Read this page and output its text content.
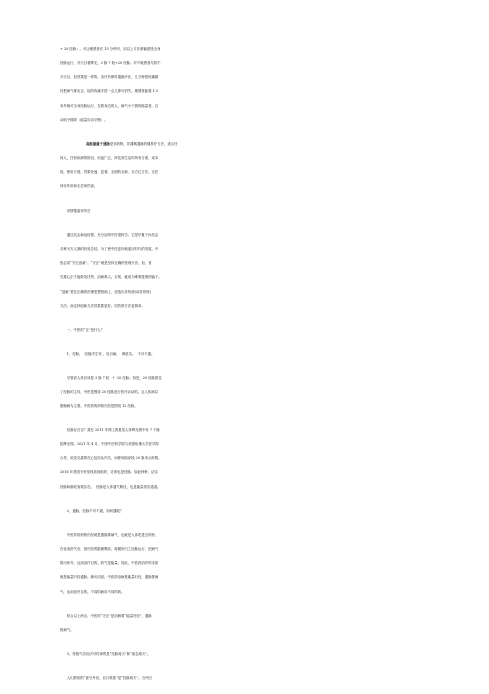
+ 20 经脉）。可让敏感者在 15 分钟内，用以上方法都能感受全身

经脉运行，开天目看辉光、3 脉 7 轮+20 经脉。对不敏感者尽管不

开天目，但效果是一样的。治疗有即时通脉疗法，几分钟把疼痛循

经把病气排出去，轻的疼痛手捂一会儿即可消失。敏感者距我 1.5

米外就可全身经脉运行，在我身边的人，病气小于我的能量者，自

动给予排除（能量自动平衡）。

高能量量子通脉是非药物、非器械通脉的健养疗方法，适合任

何人，任何疾病的防治，用途广泛，涉及到生活的所有方面，成本

低，使用方便，效果快速、显著、全面的全新、全方位方法。无任

何付作用和无任何伤害。

　　详情搜索邓华岳

　　通过抗击新冠疫情，充分证明中医很科学。它是华夏子孙抗击

各种天灾人祸的经验总结。为了使中医更好地适应时代的发展，中

医必须“守正创新”。“守正”就是坚持正确的医理方法。但，首

先要心正才能救死扶伤、治病救人。否则，就成为唯利是图的骗子。

“创新”是在正确的医理思想基础上，创造出非传统(或非常规)

方法。而这种创新方法效果要更好。同效则方法更简单。

　　一、中医的“正”是什么？

　　1，经脉，  经脉决生死 ，处百病，  调虚实。  不可不通。

　　尽管说人体应该是 3 脉 7 轮  十  20 经脉。但是，20 经脉抓住

了经脉的主体，中医是围绕 20 经脉进行医疗活动的。且人体病以

脏腑病为主要。中医药的药物归经是围绕 12 经脉。

　　经脉存在否？我在 2011 年网上我看见人体辉光图中有 7 个脉

轮辉光图。2021 年 4 月，中国中医科学院与美国哈佛大学医学院

合作，用荧光素纳在心包经从内关、间使到曲泽段 20 厘米示踪图。

2016 年美国专家发现质间组织，应该也是经脉。如此种种，证实

经脉和脉轮客观存在。  经脉是人体通气路径，也是能量供应通道。

　　2，通脉，经脉不可不通，如何通呢？

　　中医药的药物归经就是通脉排病气，也就是人体吃进去的药，

在化成药气后，被归经的脏腑吸收，再循所归之经脉运行，把病气

排出体外，达到治疗目的。药气是能量。因此，中医药治疗的本质

就是能量归经通脉。换句话说，中医药治病是能量归经，通脉排病

气，达到治疗目的。不同的病用不同的药。

　　综合以上两点，中医的“守正”是治病要“能量归经”，通脉

排病气。

　　3、传统气功功法可传承的是“经脉周天”和“意念周天”。

　　人们熟知的“意守丹田，百日筑基”是“经脉周天”。当丹田
